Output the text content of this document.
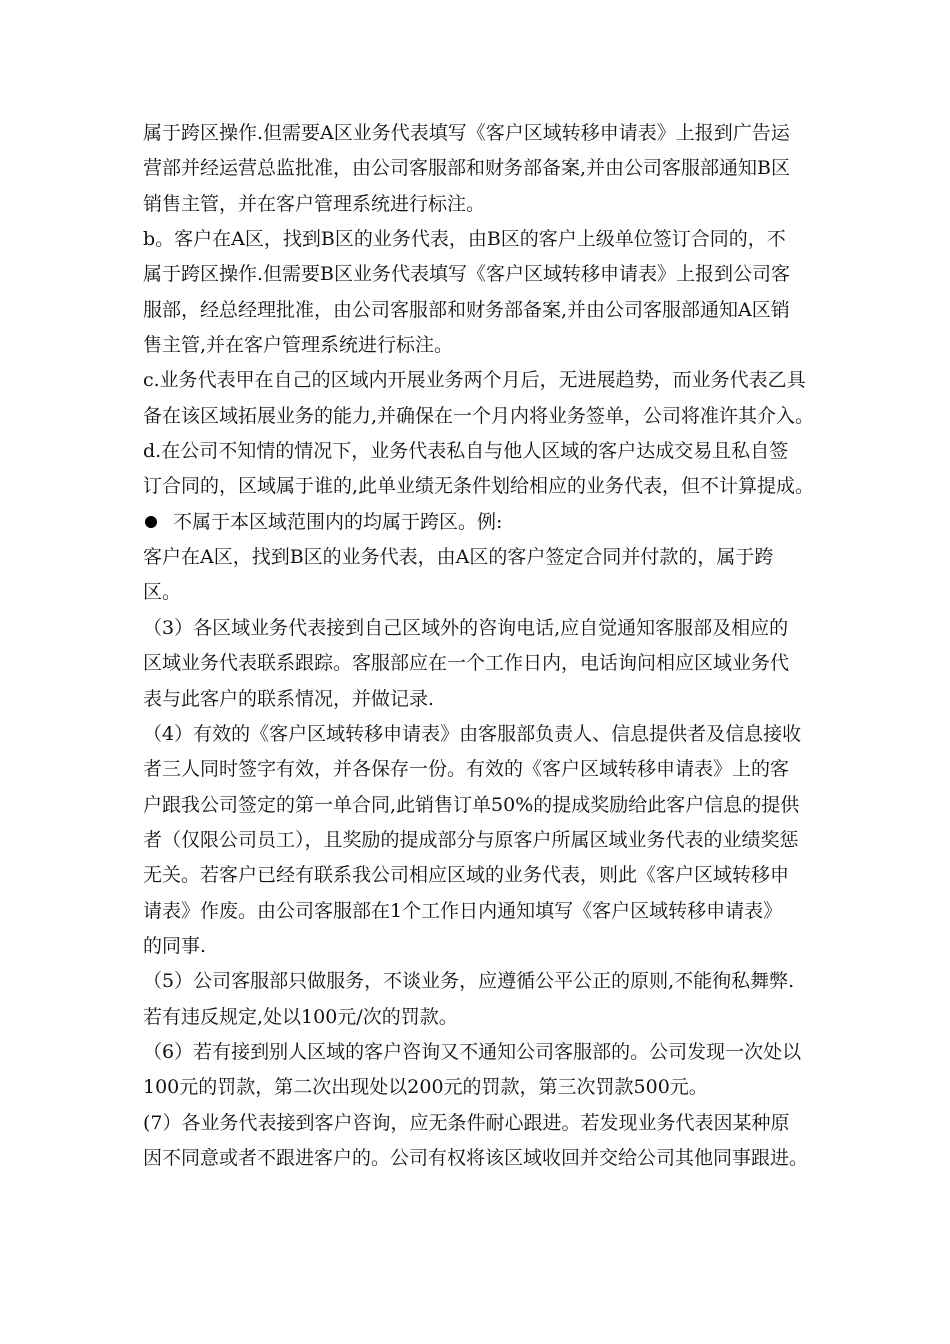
属于跨区操作.但需要A区业务代表填写《客户区域转移申请表》上报到广告运
营部并经运营总监批准，由公司客服部和财务部备案,并由公司客服部通知B区
销售主管，并在客户管理系统进行标注。
b。客户在A区，找到B区的业务代表，由B区的客户上级单位签订合同的，不
属于跨区操作.但需要B区业务代表填写《客户区域转移申请表》上报到公司客
服部，经总经理批准，由公司客服部和财务部备案,并由公司客服部通知A区销
售主管,并在客户管理系统进行标注。
c.业务代表甲在自己的区域内开展业务两个月后，无进展趋势，而业务代表乙具
备在该区域拓展业务的能力,并确保在一个月内将业务签单，公司将准许其介入。
d.在公司不知情的情况下，业务代表私自与他人区域的客户达成交易且私自签
订合同的，区域属于谁的,此单业绩无条件划给相应的业务代表，但不计算提成。
不属于本区域范围内的均属于跨区。例:
客户在A区，找到B区的业务代表，由A区的客户签定合同并付款的，属于跨
区。
（3）各区域业务代表接到自己区域外的咨询电话,应自觉通知客服部及相应的
区域业务代表联系跟踪。客服部应在一个工作日内，电话询问相应区域业务代
表与此客户的联系情况，并做记录.
（4）有效的《客户区域转移申请表》由客服部负责人、信息提供者及信息接收
者三人同时签字有效，并各保存一份。有效的《客户区域转移申请表》上的客
户跟我公司签定的第一单合同,此销售订单50%的提成奖励给此客户信息的提供
者（仅限公司员工），且奖励的提成部分与原客户所属区域业务代表的业绩奖惩
无关。若客户已经有联系我公司相应区域的业务代表，则此《客户区域转移申
请表》作废。由公司客服部在1个工作日内通知填写《客户区域转移申请表》
的同事.
（5）公司客服部只做服务，不谈业务，应遵循公平公正的原则,不能徇私舞弊.
若有违反规定,处以100元/次的罚款。
（6）若有接到别人区域的客户咨询又不通知公司客服部的。公司发现一次处以
100元的罚款，第二次出现处以200元的罚款，第三次罚款500元。
(7）各业务代表接到客户咨询，应无条件耐心跟进。若发现业务代表因某种原
因不同意或者不跟进客户的。公司有权将该区域收回并交给公司其他同事跟进。
